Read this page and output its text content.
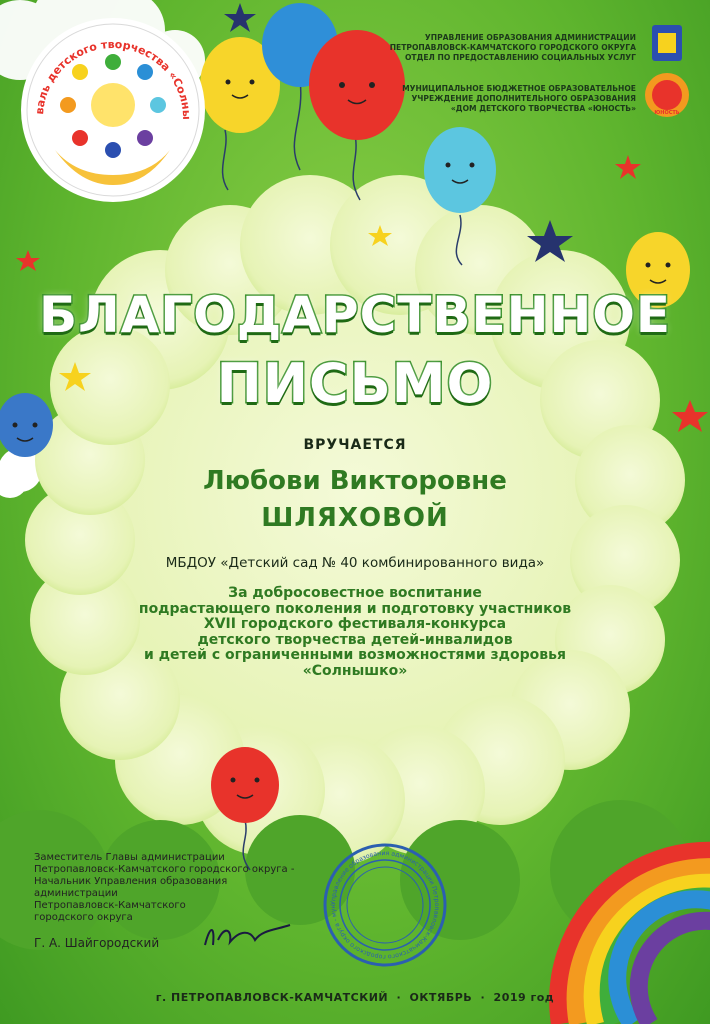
валь детского творчества «Солны
УПРАВЛЕНИЕ ОБРАЗОВАНИЯ АДМИНИСТРАЦИИ
ПЕТРОПАВЛОВСК-КАМЧАТСКОГО ГОРОДСКОГО ОКРУГА
ОТДЕЛ ПО ПРЕДОСТАВЛЕНИЮ СОЦИАЛЬНЫХ УСЛУГ
МУНИЦИПАЛЬНОЕ БЮДЖЕТНОЕ ОБРАЗОВАТЕЛЬНОЕ
УЧРЕЖДЕНИЕ ДОПОЛНИТЕЛЬНОГО ОБРАЗОВАНИЯ
«ДОМ ДЕТСКОГО ТВОРЧЕСТВА «ЮНОСТЬ»	ЮНОСТЬ
БЛАГОДАРСТВЕННОЕ
ПИСЬМО
ВРУЧАЕТСЯ
Любови Викторовне
ШЛЯХОВОЙ
МБДОУ «Детский сад № 40 комбинированного вида»
За добросовестное воспитание
подрастающего поколения и подготовку участников
XVII городского фестиваля-конкурса
детского творчества детей-инвалидов
и детей с ограниченными возможностями здоровья
«Солнышко»
Заместитель Главы администрации
Петропавловск-Камчатского городского округа -
Начальник Управления образования
администрации
Петропавловск-Камчатского
городского округа
Г. А. Шайгородский
Управление образования администрации Петропавловск-Камчатского городского округа - мун
г. ПЕТРОПАВЛОВСК-КАМЧАТСКИЙ · ОКТЯБРЬ · 2019 год
